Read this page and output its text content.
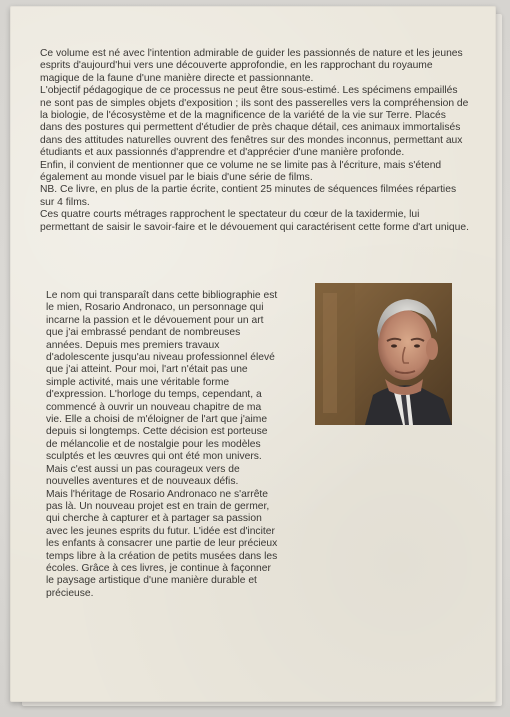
Ce volume est né avec l'intention admirable de guider les passionnés de nature et les jeunes esprits d'aujourd'hui vers une découverte approfondie, en les rapprochant du royaume magique de la faune d'une manière directe et passionnante.

L'objectif pédagogique de ce processus ne peut être sous-estimé. Les spécimens empaillés ne sont pas de simples objets d'exposition ; ils sont des passerelles vers la compréhension de la biologie, de l'écosystème et de la magnificence de la variété de la vie sur Terre. Placés dans des postures qui permettent d'étudier de près chaque détail, ces animaux immortalisés dans des attitudes naturelles ouvrent des fenêtres sur des mondes inconnus, permettant aux étudiants et aux passionnés d'apprendre et d'apprécier d'une manière profonde.

Enfin, il convient de mentionner que ce volume ne se limite pas à l'écriture, mais s'étend également au monde visuel par le biais d'une série de films.

NB. Ce livre, en plus de la partie écrite, contient 25 minutes de séquences filmées réparties sur 4 films.

Ces quatre courts métrages rapprochent le spectateur du cœur de la taxidermie, lui permettant de saisir le savoir-faire et le dévouement qui caractérisent cette forme d'art unique.

Le nom qui transparaît dans cette bibliographie est le mien, Rosario Andronaco, un personnage qui incarne la passion et le dévouement pour un art que j'ai embrassé pendant de nombreuses années. Depuis mes premiers travaux d'adolescente jusqu'au niveau professionnel élevé que j'ai atteint. Pour moi, l'art n'était pas une simple activité, mais une véritable forme d'expression. L'horloge du temps, cependant, a commencé à ouvrir un nouveau chapitre de ma vie. Elle a choisi de m'éloigner de l'art que j'aime depuis si longtemps. Cette décision est porteuse de mélancolie et de nostalgie pour les modèles sculptés et les œuvres qui ont été mon univers. Mais c'est aussi un pas courageux vers de nouvelles aventures et de nouveaux défis.

Mais l'héritage de Rosario Andronaco ne s'arrête pas là. Un nouveau projet est en train de germer, qui cherche à capturer et à partager sa passion avec les jeunes esprits du futur. L'idée est d'inciter les enfants à consacrer une partie de leur précieux temps libre à la création de petits musées dans les écoles. Grâce à ces livres, je continue à façonner le paysage artistique d'une manière durable et précieuse.
